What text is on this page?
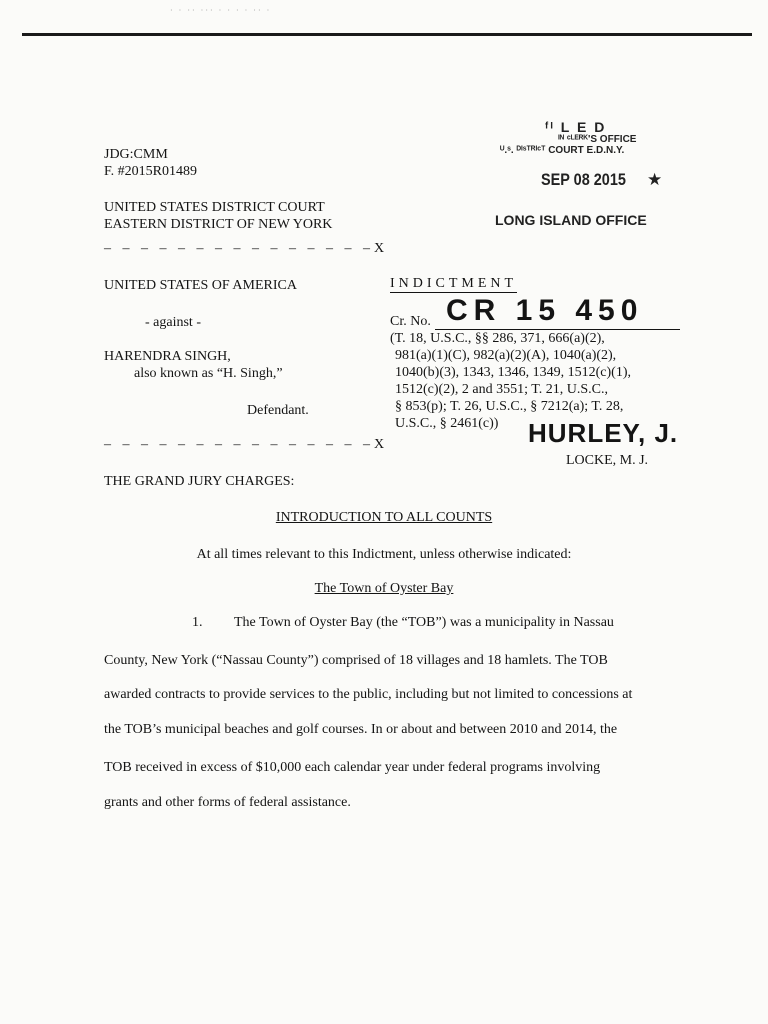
· · ·· ··· · · · · ·· ·
JDG:CMM
F. #2015R01489
ᶠᴵ L E D
ᴵᴺ ᶜᴸᴱᴿᴷ'S OFFICE
ᵁ.ˢ. ᴰᴵˢᵀᴿᴵᶜᵀ COURT E.D.N.Y.
SEP 08 2015 ★
LONG ISLAND OFFICE
UNITED STATES DISTRICT COURT
EASTERN DISTRICT OF NEW YORK
– – – – – – – – – – – – – – –X
UNITED STATES OF AMERICA
- against -
HARENDRA SINGH,
also known as “H. Singh,”
Defendant.
– – – – – – – – – – – – – – –X
INDICTMENT
Cr. No. CR 15 450
(T. 18, U.S.C., §§ 286, 371, 666(a)(2),
981(a)(1)(C), 982(a)(2)(A), 1040(a)(2),
1040(b)(3), 1343, 1346, 1349, 1512(c)(1),
1512(c)(2), 2 and 3551; T. 21, U.S.C.,
§ 853(p); T. 26, U.S.C., § 7212(a); T. 28,
U.S.C., § 2461(c)) HURLEY, J.
LOCKE, M. J.
THE GRAND JURY CHARGES:
INTRODUCTION TO ALL COUNTS
At all times relevant to this Indictment, unless otherwise indicated:
The Town of Oyster Bay
1. The Town of Oyster Bay (the “TOB”) was a municipality in Nassau
County, New York (“Nassau County”) comprised of 18 villages and 18 hamlets. The TOB
awarded contracts to provide services to the public, including but not limited to concessions at
the TOB’s municipal beaches and golf courses. In or about and between 2010 and 2014, the
TOB received in excess of $10,000 each calendar year under federal programs involving
grants and other forms of federal assistance.
